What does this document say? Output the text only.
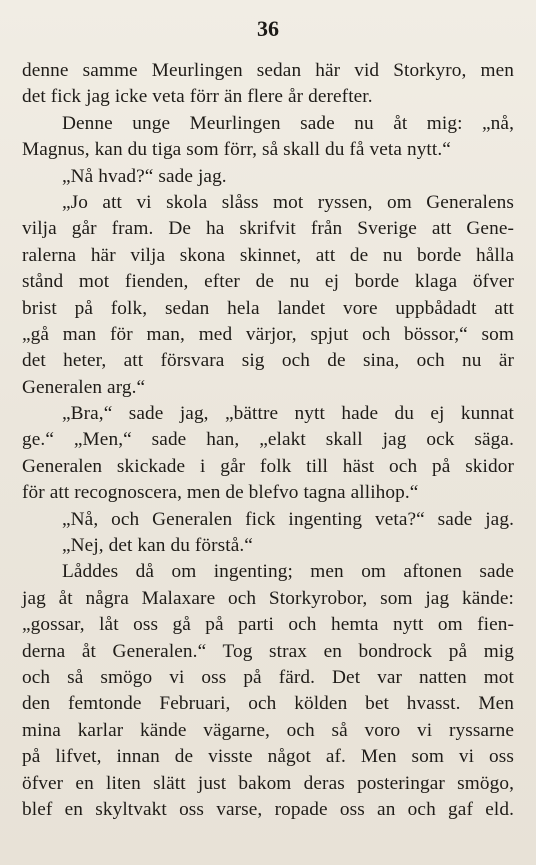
36
denne samme Meurlingen sedan här vid Storkyro, men
det fick jag icke veta förr än flere år derefter.
Denne unge Meurlingen sade nu åt mig: „nå,
Magnus, kan du tiga som förr, så skall du få veta nytt.“
„Nå hvad?“ sade jag.
„Jo att vi skola slåss mot ryssen, om Generalens
vilja går fram. De ha skrifvit från Sverige att Gene-
ralerna här vilja skona skinnet, att de nu borde hålla
stånd mot fienden, efter de nu ej borde klaga öfver
brist på folk, sedan hela landet vore uppbådadt att
„gå man för man, med värjor, spjut och bössor,“ som
det heter, att försvara sig och de sina, och nu är
Generalen arg.“
„Bra,“ sade jag, „bättre nytt hade du ej kunnat
ge.“ „Men,“ sade han, „elakt skall jag ock säga.
Generalen skickade i går folk till häst och på skidor
för att recognoscera, men de blefvo tagna allihop.“
„Nå, och Generalen fick ingenting veta?“ sade jag.
„Nej, det kan du förstå.“
Låddes då om ingenting; men om aftonen sade
jag åt några Malaxare och Storkyrobor, som jag kände:
„gossar, låt oss gå på parti och hemta nytt om fien-
derna åt Generalen.“ Tog strax en bondrock på mig
och så smögo vi oss på färd. Det var natten mot
den femtonde Februari, och kölden bet hvasst. Men
mina karlar kände vägarne, och så voro vi ryssarne
på lifvet, innan de visste något af. Men som vi oss
öfver en liten slätt just bakom deras posteringar smögo,
blef en skyltvakt oss varse, ropade oss an och gaf eld.
